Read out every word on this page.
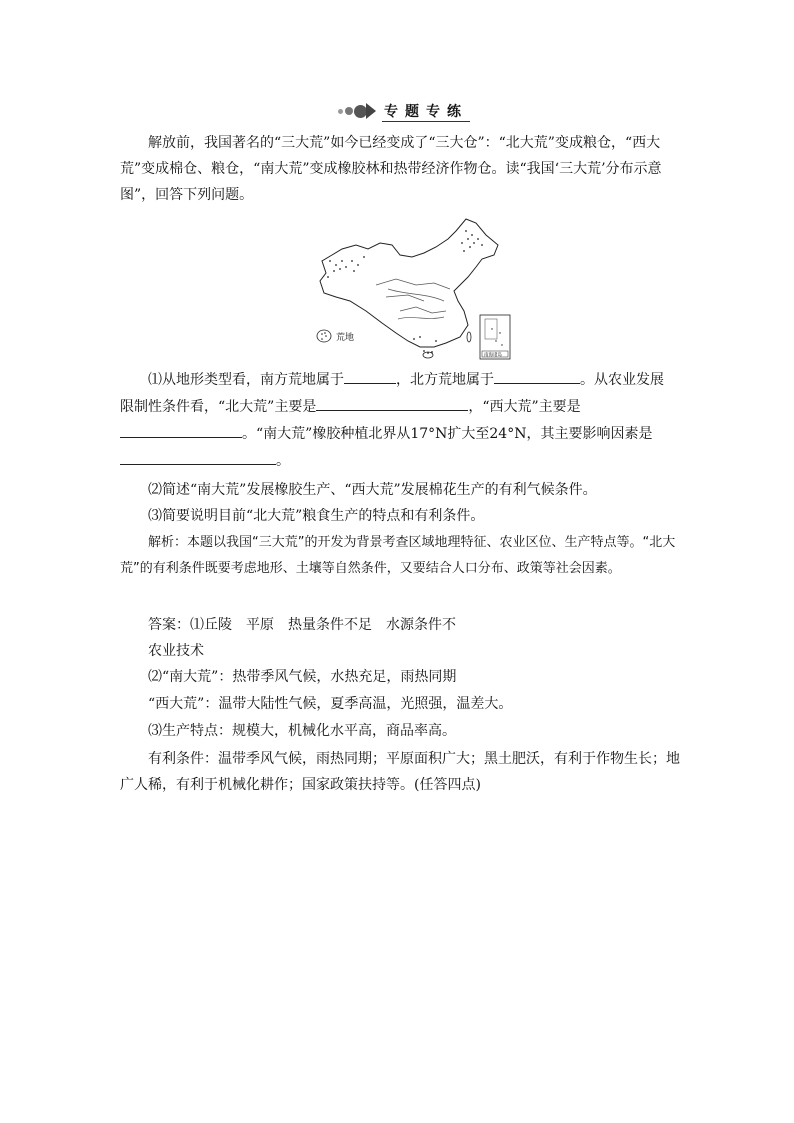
专题专练
解放前，我国著名的“三大荒”如今已经变成了“三大仓”：“北大荒”变成粮仓，“西大荒”变成棉仓、粮仓，“南大荒”变成橡胶林和热带经济作物仓。读“我国‘三大荒’分布示意图”，回答下列问题。
荒地
南海诸岛
⑴从地形类型看，南方荒地属于	，北方荒地属于	。从农业发展
限制性条件看，“北大荒”主要是	，“西大荒”主要是
。“南大荒”橡胶种植北界从17°N扩大至24°N，其主要影响因素是
。
⑵简述“南大荒”发展橡胶生产、“西大荒”发展棉花生产的有利气候条件。
⑶简要说明目前“北大荒”粮食生产的特点和有利条件。
解析：本题以我国“三大荒”的开发为背景考查区域地理特征、农业区位、生产特点等。“北大荒”的有利条件既要考虑地形、土壤等自然条件，又要结合人口分布、政策等社会因素。
答案：⑴丘陵　平原　热量条件不足　水源条件不
农业技术
⑵“南大荒”：热带季风气候，水热充足，雨热同期
“西大荒”：温带大陆性气候，夏季高温，光照强，温差大。
⑶生产特点：规模大，机械化水平高，商品率高。
有利条件：温带季风气候，雨热同期；平原面积广大；黑土肥沃，有利于作物生长；地广人稀，有利于机械化耕作；国家政策扶持等。(任答四点)
